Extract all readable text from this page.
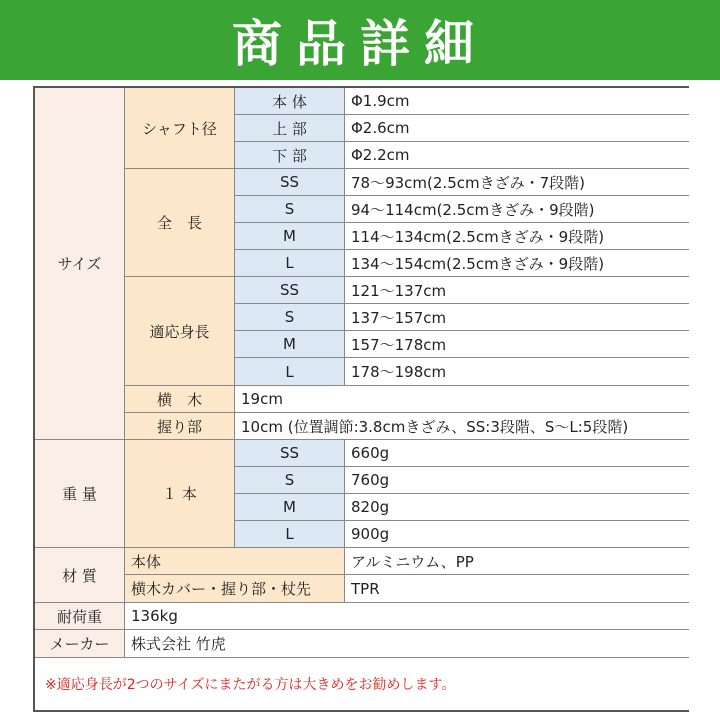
商品詳細
サイズ
シャフト径
本 体	Φ1.9cm
上 部	Φ2.6cm
下 部	Φ2.2cm
全　長
SS	78～93cm(2.5cmきざみ・7段階)
S	94～114cm(2.5cmきざみ・9段階)
M	114～134cm(2.5cmきざみ・9段階)
L	134～154cm(2.5cmきざみ・9段階)
適応身長
SS	121～137cm
S	137～157cm
M	157～178cm
L	178～198cm
横　木	19cm
握り部	10cm (位置調節:3.8cmきざみ、SS:3段階、S～L:5段階)
重 量	１ 本
SS	660g
S	760g
M	820g
L	900g
材 質
本体	アルミニウム、PP
横木カバー・握り部・杖先	TPR
耐荷重	136kg
メーカー	株式会社 竹虎
※適応身長が2つのサイズにまたがる方は大きめをお勧めします。
